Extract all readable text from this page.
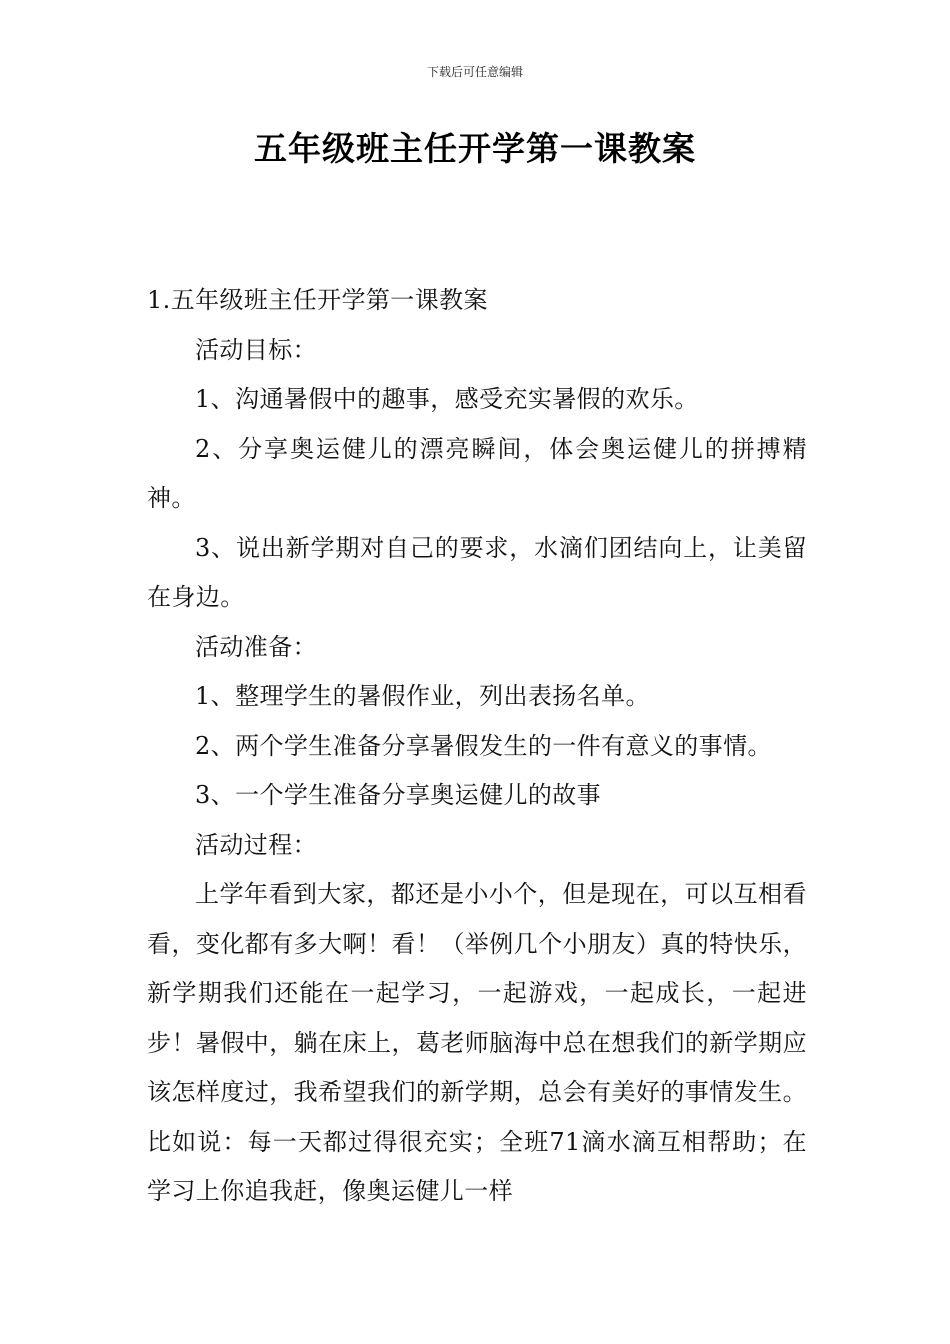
下载后可任意编辑
五年级班主任开学第一课教案

1.五年级班主任开学第一课教案

活动目标：

1、沟通暑假中的趣事，感受充实暑假的欢乐。

2、分享奥运健儿的漂亮瞬间，体会奥运健儿的拼搏精神。

3、说出新学期对自己的要求，水滴们团结向上，让美留在身边。

活动准备：

1、整理学生的暑假作业，列出表扬名单。

2、两个学生准备分享暑假发生的一件有意义的事情。

3、一个学生准备分享奥运健儿的故事

活动过程：

上学年看到大家，都还是小小个，但是现在，可以互相看看，变化都有多大啊！看！（举例几个小朋友）真的特快乐，新学期我们还能在一起学习，一起游戏，一起成长，一起进步！暑假中，躺在床上，葛老师脑海中总在想我们的新学期应该怎样度过，我希望我们的新学期，总会有美好的事情发生。比如说：每一天都过得很充实；全班71滴水滴互相帮助；在学习上你追我赶，像奥运健儿一样
